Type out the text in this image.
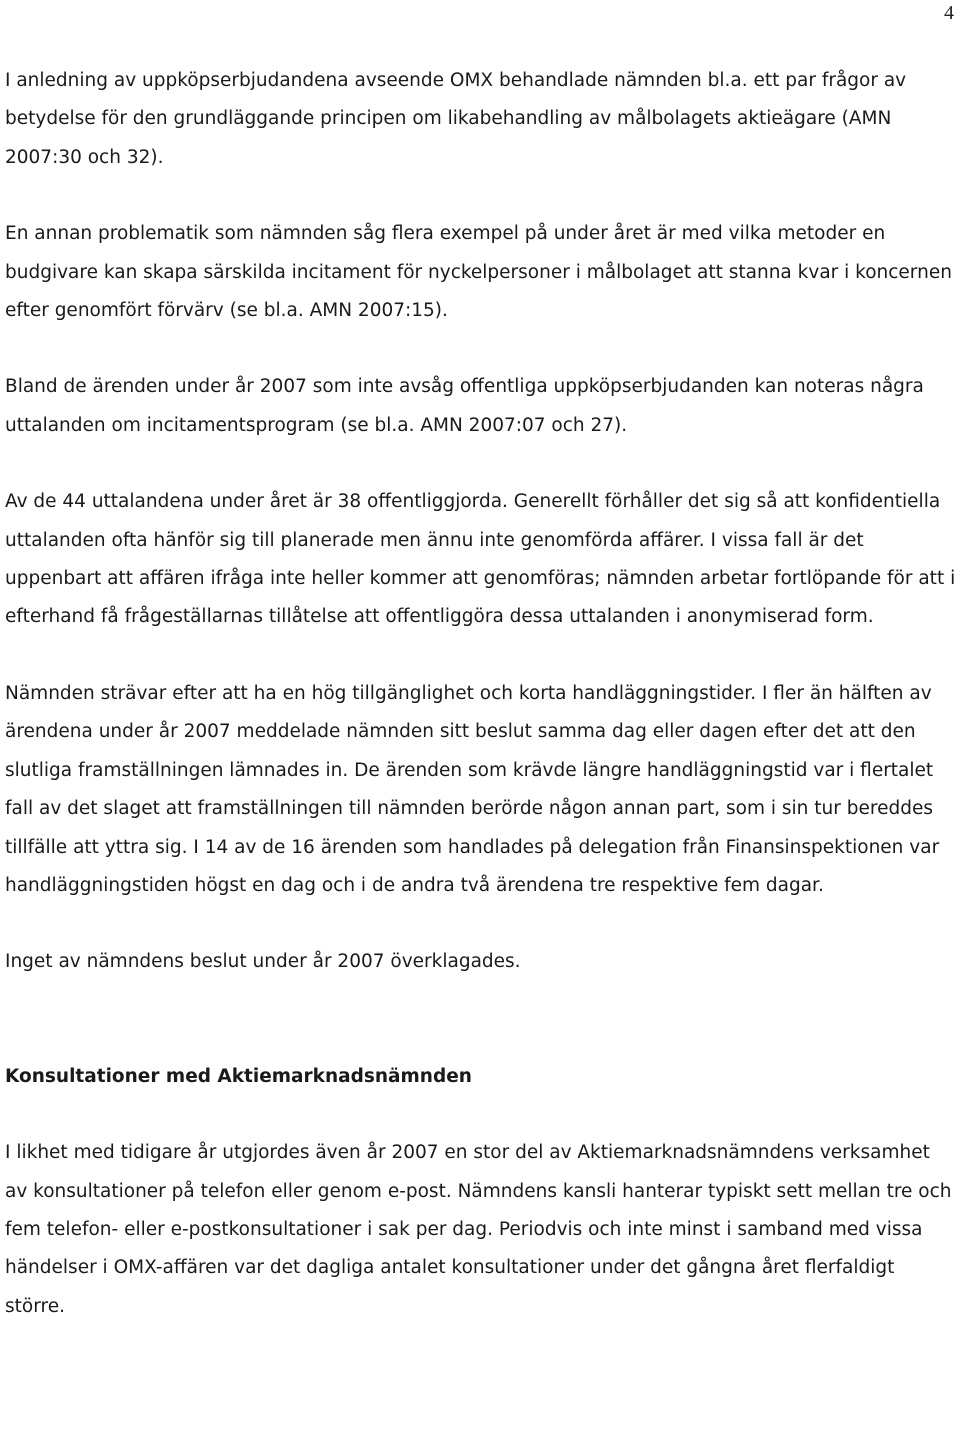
4

I anledning av uppköpserbjudandena avseende OMX behandlade nämnden bl.a. ett par frågor av betydelse för den grundläggande principen om likabehandling av målbolagets aktieägare (AMN 2007:30 och 32).

En annan problematik som nämnden såg flera exempel på under året är med vilka metoder en budgivare kan skapa särskilda incitament för nyckelpersoner i målbolaget att stanna kvar i koncernen efter genomfört förvärv (se bl.a. AMN 2007:15).

Bland de ärenden under år 2007 som inte avsåg offentliga uppköpserbjudanden kan noteras några uttalanden om incitamentsprogram (se bl.a. AMN 2007:07 och 27).

Av de 44 uttalandena under året är 38 offentliggjorda. Generellt förhåller det sig så att konfidentiella uttalanden ofta hänför sig till planerade men ännu inte genomförda affärer. I vissa fall är det uppenbart att affären ifråga inte heller kommer att genomföras; nämnden arbetar fortlöpande för att i efterhand få frågeställarnas tillåtelse att offentliggöra dessa uttalanden i anonymiserad form.

Nämnden strävar efter att ha en hög tillgänglighet och korta handläggningstider. I fler än hälften av ärendena under år 2007 meddelade nämnden sitt beslut samma dag eller dagen efter det att den slutliga framställningen lämnades in. De ärenden som krävde längre handläggningstid var i flertalet fall av det slaget att framställningen till nämnden berörde någon annan part, som i sin tur bereddes tillfälle att yttra sig. I 14 av de 16 ärenden som handlades på delegation från Finansinspektionen var handläggningstiden högst en dag och i de andra två ärendena tre respektive fem dagar.

Inget av nämndens beslut under år 2007 överklagades.

Konsultationer med Aktiemarknadsnämnden

I likhet med tidigare år utgjordes även år 2007 en stor del av Aktiemarknadsnämndens verksamhet av konsultationer på telefon eller genom e-post. Nämndens kansli hanterar typiskt sett mellan tre och fem telefon- eller e-postkonsultationer i sak per dag. Periodvis och inte minst i samband med vissa händelser i OMX-affären var det dagliga antalet konsultationer under det gångna året flerfaldigt större.
